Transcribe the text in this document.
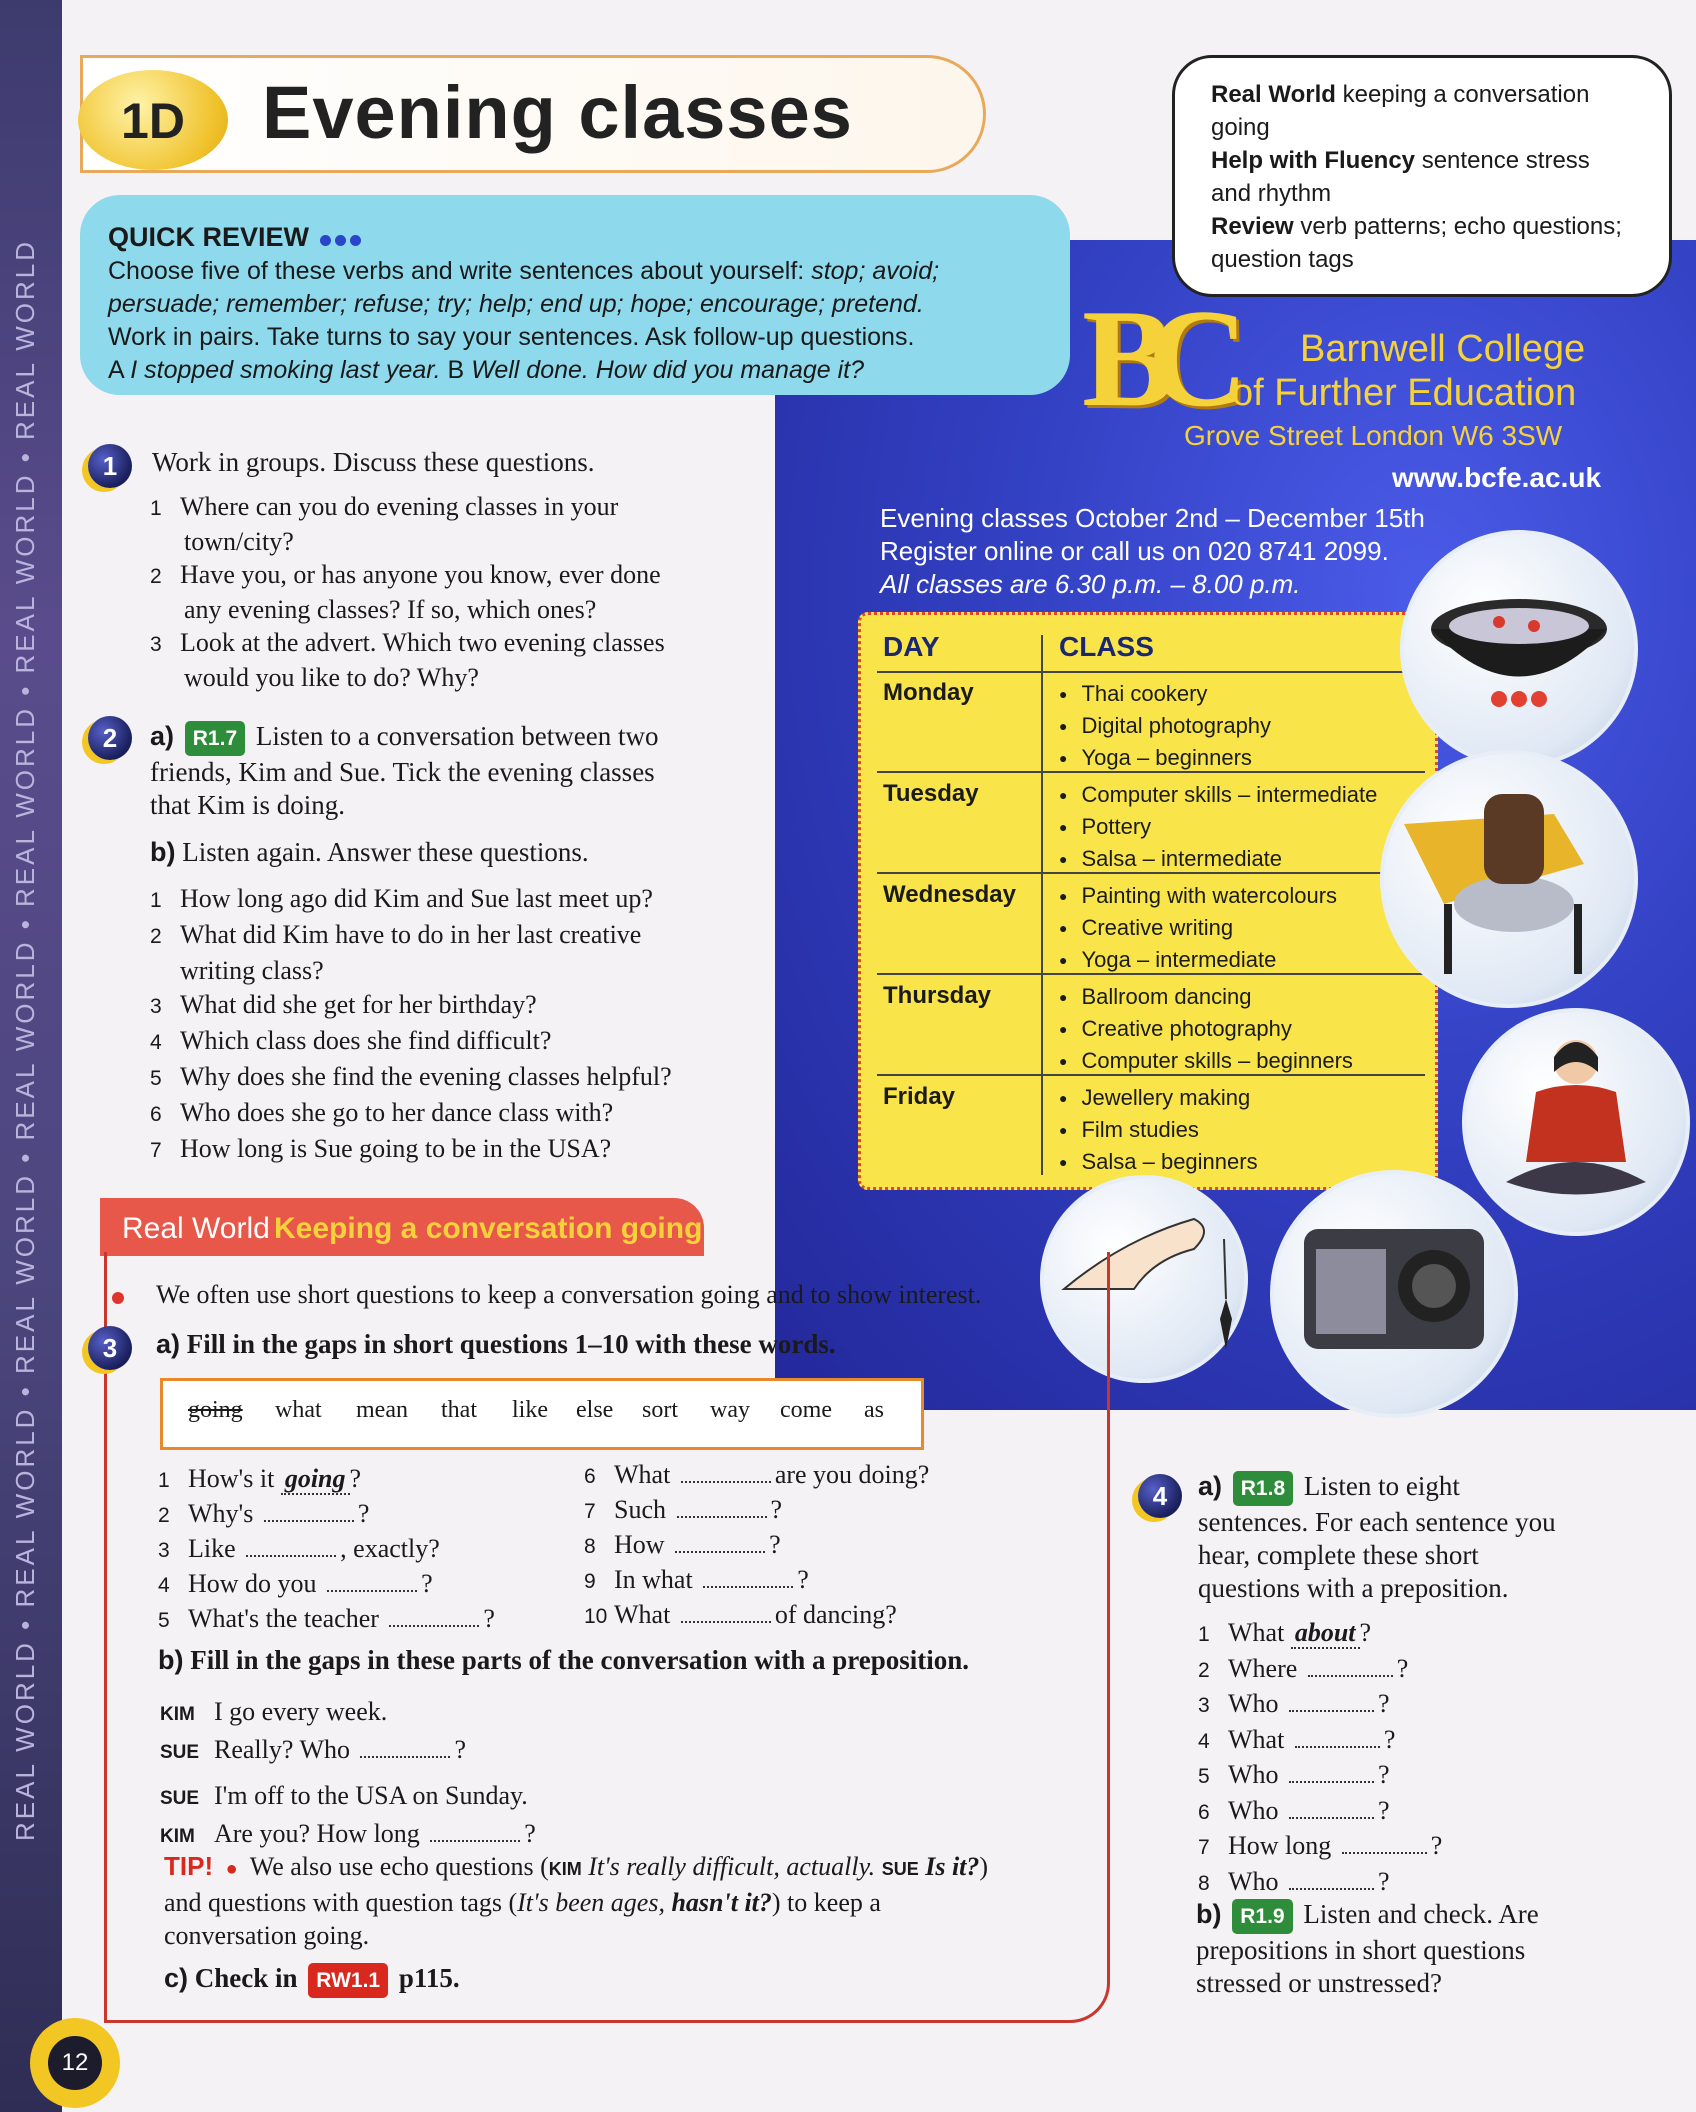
REAL WORLD • REAL WORLD • REAL WORLD • REAL WORLD • REAL WORLD • REAL WORLD • REAL WORLD
12
1D	Evening classes	Real World keeping a conversation going
Help with Fluency sentence stress and rhythm
Review verb patterns; echo questions; question tags
QUICK REVIEW
Choose five of these verbs and write sentences about yourself: stop; avoid; persuade; remember; refuse; try; help; end up; hope; encourage; pretend.
Work in pairs. Take turns to say your sentences. Ask follow-up questions.
A I stopped smoking last year. B Well done. How did you manage it?	BC Barnwell College
of Further Education
Grove Street London W6 3SW
www.bcfe.ac.uk
Evening classes October 2nd – December 15th
Register online or call us on 020 8741 2099.
All classes are 6.30 p.m. – 8.00 p.m.
DAY	CLASS
Monday	● Thai cookery
● Digital photography
● Yoga – beginners
Tuesday	● Computer skills – intermediate
● Pottery
● Salsa – intermediate
Wednesday	● Painting with watercolours
● Creative writing
● Yoga – intermediate
Thursday	● Ballroom dancing
● Creative photography
● Computer skills – beginners
Friday	● Jewellery making
● Film studies
● Salsa – beginners
1	Work in groups. Discuss these questions.
1 Where can you do evening classes in your
town/city?
2 Have you, or has anyone you know, ever done
any evening classes? If so, which ones?
3 Look at the advert. Which two evening classes
would you like to do? Why?
2	a) R1.7 Listen to a conversation between two
friends, Kim and Sue. Tick the evening classes
that Kim is doing.
b) Listen again. Answer these questions.
1 How long ago did Kim and Sue last meet up?
2 What did Kim have to do in her last creative
writing class?
3 What did she get for her birthday?
4 Which class does she find difficult?
5 Why does she find the evening classes helpful?
6 Who does she go to her dance class with?
7 How long is Sue going to be in the USA?
Real World Keeping a conversation going
We often use short questions to keep a conversation going and to show interest.
3	a) Fill in the gaps in short questions 1–10 with these words.
going what mean that like else sort way come as
1 How's it going ?
2 Why's	?
3 Like	, exactly?
4 How do you	?
5 What's the teacher	?
6 What	are you doing?
7 Such	?
8 How	?
9 In what	?
10 What	of dancing?
b) Fill in the gaps in these parts of the conversation with a preposition.
KIM I go every week.
SUE Really? Who	?
SUE I'm off to the USA on Sunday.
KIM Are you? How long	?
TIP! ● We also use echo questions (KIM It's really difficult, actually. SUE Is it?)
and questions with question tags (It's been ages, hasn't it?) to keep a
conversation going.
c) Check in RW1.1 p115.
4	a) R1.8 Listen to eight
sentences. For each sentence you
hear, complete these short
questions with a preposition.
1 What about ?
2 Where	?
3 Who	?
4 What	?
5 Who	?
6 Who	?
7 How long	?
8 Who	?
b) R1.9 Listen and check. Are
prepositions in short questions
stressed or unstressed?
